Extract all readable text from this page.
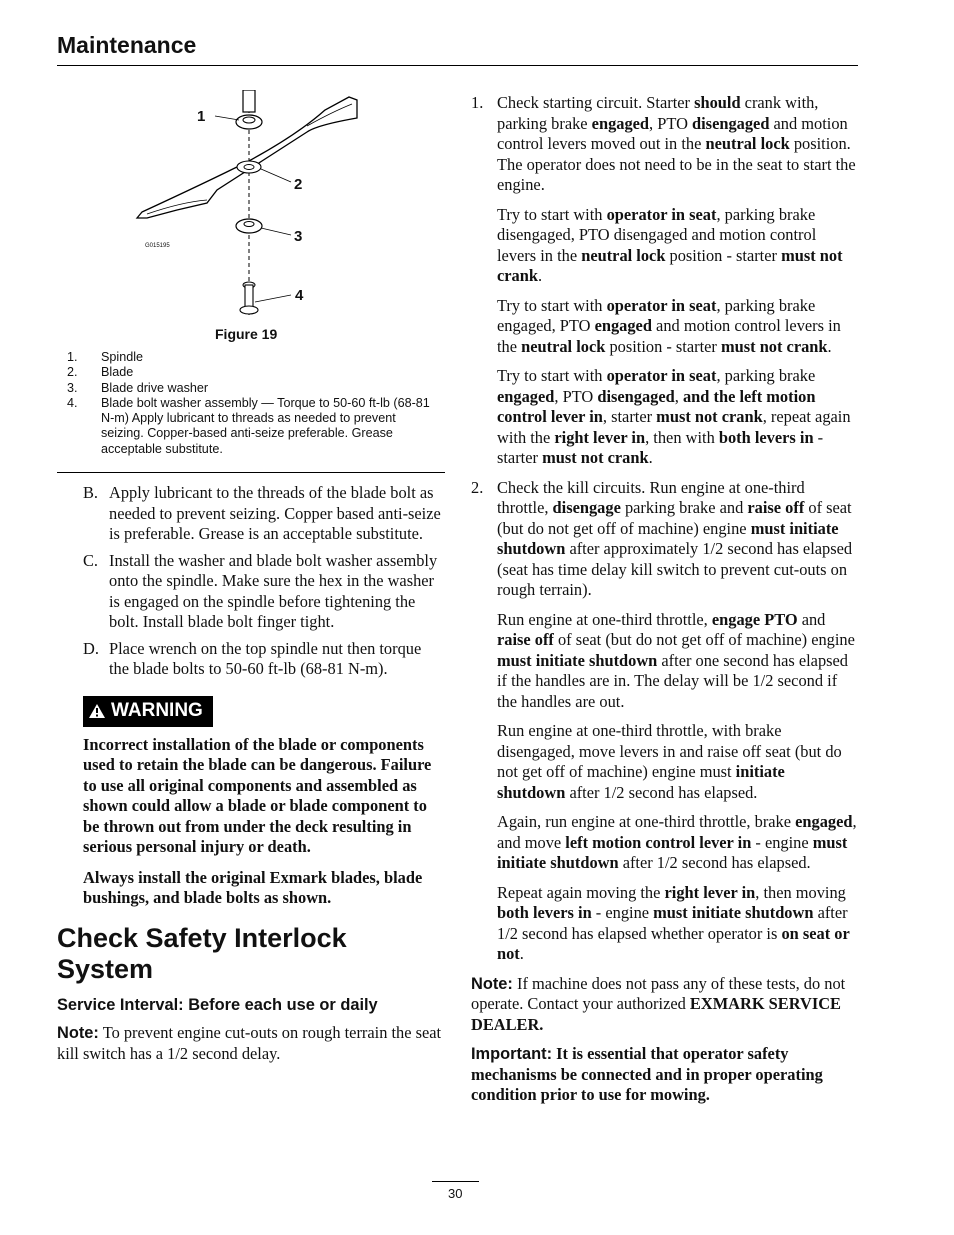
Maintenance
1
2
3
4
G015195
Figure 19
1.	Spindle
2.	Blade
3.	Blade drive washer
4.	Blade bolt washer assembly — Torque to 50-60 ft-lb (68-81 N-m) Apply lubricant to threads as needed to prevent seizing. Copper-based anti-seize preferable. Grease acceptable substitute.
B. Apply lubricant to the threads of the blade bolt as needed to prevent seizing. Copper based anti-seize is preferable. Grease is an acceptable substitute.
C. Install the washer and blade bolt washer assembly onto the spindle. Make sure the hex in the washer is engaged on the spindle before tightening the bolt. Install blade bolt finger tight.
D. Place wrench on the top spindle nut then torque the blade bolts to 50-60 ft-lb (68-81 N-m).
WARNING

Incorrect installation of the blade or components used to retain the blade can be dangerous. Failure to use all original components and assembled as shown could allow a blade or blade component to be thrown out from under the deck resulting in serious personal injury or death.

Always install the original Exmark blades, blade bushings, and blade bolts as shown.

Check Safety Interlock System
Service Interval: Before each use or daily

Note: To prevent engine cut-outs on rough terrain the seat kill switch has a 1/2 second delay.

1. Check starting circuit. Starter should crank with, parking brake engaged, PTO disengaged and motion control levers moved out in the neutral lock position. The operator does not need to be in the seat to start the engine.
Try to start with operator in seat, parking brake disengaged, PTO disengaged and motion control levers in the neutral lock position - starter must not crank.
Try to start with operator in seat, parking brake engaged, PTO engaged and motion control levers in the neutral lock position - starter must not crank.
Try to start with operator in seat, parking brake engaged, PTO disengaged, and the left motion control lever in, starter must not crank, repeat again with the right lever in, then with both levers in - starter must not crank.
2. Check the kill circuits. Run engine at one-third throttle, disengage parking brake and raise off of seat (but do not get off of machine) engine must initiate shutdown after approximately 1/2 second has elapsed (seat has time delay kill switch to prevent cut-outs on rough terrain).
Run engine at one-third throttle, engage PTO and raise off of seat (but do not get off of machine) engine must initiate shutdown after one second has elapsed if the handles are in. The delay will be 1/2 second if the handles are out.
Run engine at one-third throttle, with brake disengaged, move levers in and raise off seat (but do not get off of machine) engine must initiate shutdown after 1/2 second has elapsed.
Again, run engine at one-third throttle, brake engaged, and move left motion control lever in - engine must initiate shutdown after 1/2 second has elapsed.
Repeat again moving the right lever in, then moving both levers in - engine must initiate shutdown after 1/2 second has elapsed whether operator is on seat or not.

Note: If machine does not pass any of these tests, do not operate. Contact your authorized EXMARK SERVICE DEALER.

Important: It is essential that operator safety mechanisms be connected and in proper operating condition prior to use for mowing.

30
